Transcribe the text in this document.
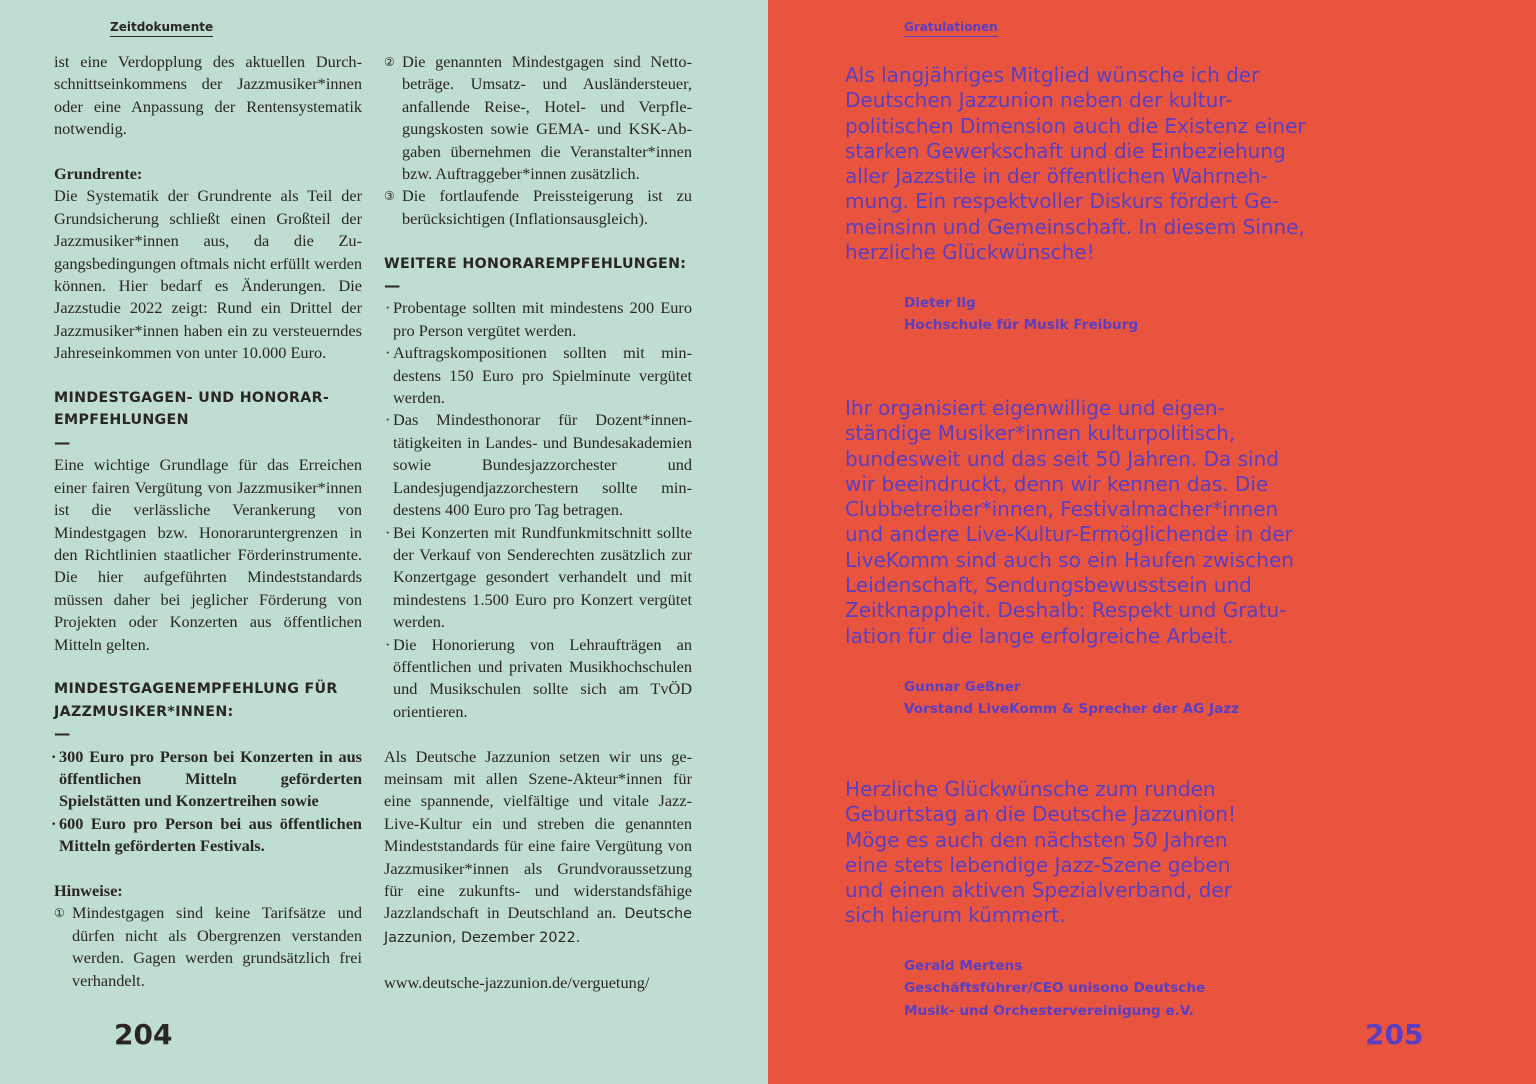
Zeitdokumente

ist eine Verdopplung des aktuellen Durchschnittseinkommens der Jazzmusiker*innen oder eine Anpassung der Rentensystematik notwendig.

Grundrente:

Die Systematik der Grundrente als Teil der Grundsicherung schließt einen Großteil der Jazzmusiker*innen aus, da die Zugangsbedingungen oftmals nicht erfüllt werden können. Hier bedarf es Änderungen. Die Jazzstudie 2022 zeigt: Rund ein Drittel der Jazzmusiker*innen haben ein zu versteuerndes Jahreseinkommen von unter 10.000 Euro.

MINDESTGAGEN- UND HONORAR-
EMPFEHLUNGEN

—

Eine wichtige Grundlage für das Erreichen einer fairen Vergütung von Jazzmusiker*innen ist die verlässliche Verankerung von Mindestgagen bzw. Honoraruntergrenzen in den Richtlinien staatlicher Förderinstrumente. Die hier aufgeführten Mindeststandards müssen daher bei jeglicher Förderung von Projekten oder Konzerten aus öffentlichen Mitteln gelten.

MINDESTGAGENEMPFEHLUNG FÜR
JAZZMUSIKER*INNEN:

—

· 300 Euro pro Person bei Konzerten in aus öffentlichen Mitteln geförderten Spielstätten und Konzertreihen sowie
· 600 Euro pro Person bei aus öffentlichen Mitteln geförderten Festivals.

Hinweise:

① Mindestgagen sind keine Tarifsätze und dürfen nicht als Obergrenzen verstanden werden. Gagen werden grundsätzlich frei verhandelt.
② Die genannten Mindestgagen sind Nettobeträge. Umsatz- und Ausländersteuer, anfallende Reise-, Hotel- und Verpflegungskosten sowie GEMA- und KSK-Abgaben übernehmen die Veranstalter*innen bzw. Auftraggeber*innen zusätzlich.
③ Die fortlaufende Preissteigerung ist zu berücksichtigen (Inflationsausgleich).

WEITERE HONORAREMPFEHLUNGEN:

—

· Probentage sollten mit mindestens 200 Euro pro Person vergütet werden.
· Auftragskompositionen sollten mit mindestens 150 Euro pro Spielminute vergütet werden.
· Das Mindesthonorar für Dozent*innentätigkeiten in Landes- und Bundesakademien sowie Bundesjazzorchester und Landesjugendjazzorchestern sollte mindestens 400 Euro pro Tag betragen.
· Bei Konzerten mit Rundfunkmitschnitt sollte der Verkauf von Senderechten zusätzlich zur Konzertgage gesondert verhandelt und mit mindestens 1.500 Euro pro Konzert vergütet werden.
· Die Honorierung von Lehraufträgen an öffentlichen und privaten Musikhochschulen und Musikschulen sollte sich am TvÖD orientieren.

Als Deutsche Jazzunion setzen wir uns gemeinsam mit allen Szene-Akteur*innen für eine spannende, vielfältige und vitale Jazz-Live-Kultur ein und streben die genannten Mindeststandards für eine faire Vergütung von Jazzmusiker*innen als Grundvoraussetzung für eine zukunfts- und widerstandsfähige Jazzlandschaft in Deutschland an. Deutsche Jazzunion, Dezember 2022.

www.deutsche-jazzunion.de/verguetung/

204
Gratulationen
Als langjähriges Mitglied wünsche ich der
Deutschen Jazzunion neben der kultur-
politischen Dimension auch die Existenz einer
starken Gewerkschaft und die Einbeziehung
aller Jazzstile in der öffentlichen Wahrneh-
mung. Ein respektvoller Diskurs fördert Ge-
meinsinn und Gemeinschaft. In diesem Sinne,
herzliche Glückwünsche!
Dieter Ilg
Hochschule für Musik Freiburg
Ihr organisiert eigenwillige und eigen-
ständige Musiker*innen kulturpolitisch,
bundesweit und das seit 50 Jahren. Da sind
wir beeindruckt, denn wir kennen das. Die
Clubbetreiber*innen, Festivalmacher*innen
und andere Live-Kultur-Ermöglichende in der
LiveKomm sind auch so ein Haufen zwischen
Leidenschaft, Sendungsbewusstsein und
Zeitknappheit. Deshalb: Respekt und Gratu-
lation für die lange erfolgreiche Arbeit.
Gunnar Geßner
Vorstand LiveKomm & Sprecher der AG Jazz
Herzliche Glückwünsche zum runden
Geburtstag an die Deutsche Jazzunion!
Möge es auch den nächsten 50 Jahren
eine stets lebendige Jazz-Szene geben
und einen aktiven Spezialverband, der
sich hierum kümmert.
Gerald Mertens
Geschäftsführer/CEO unisono Deutsche
Musik- und Orchestervereinigung e.V.
205
